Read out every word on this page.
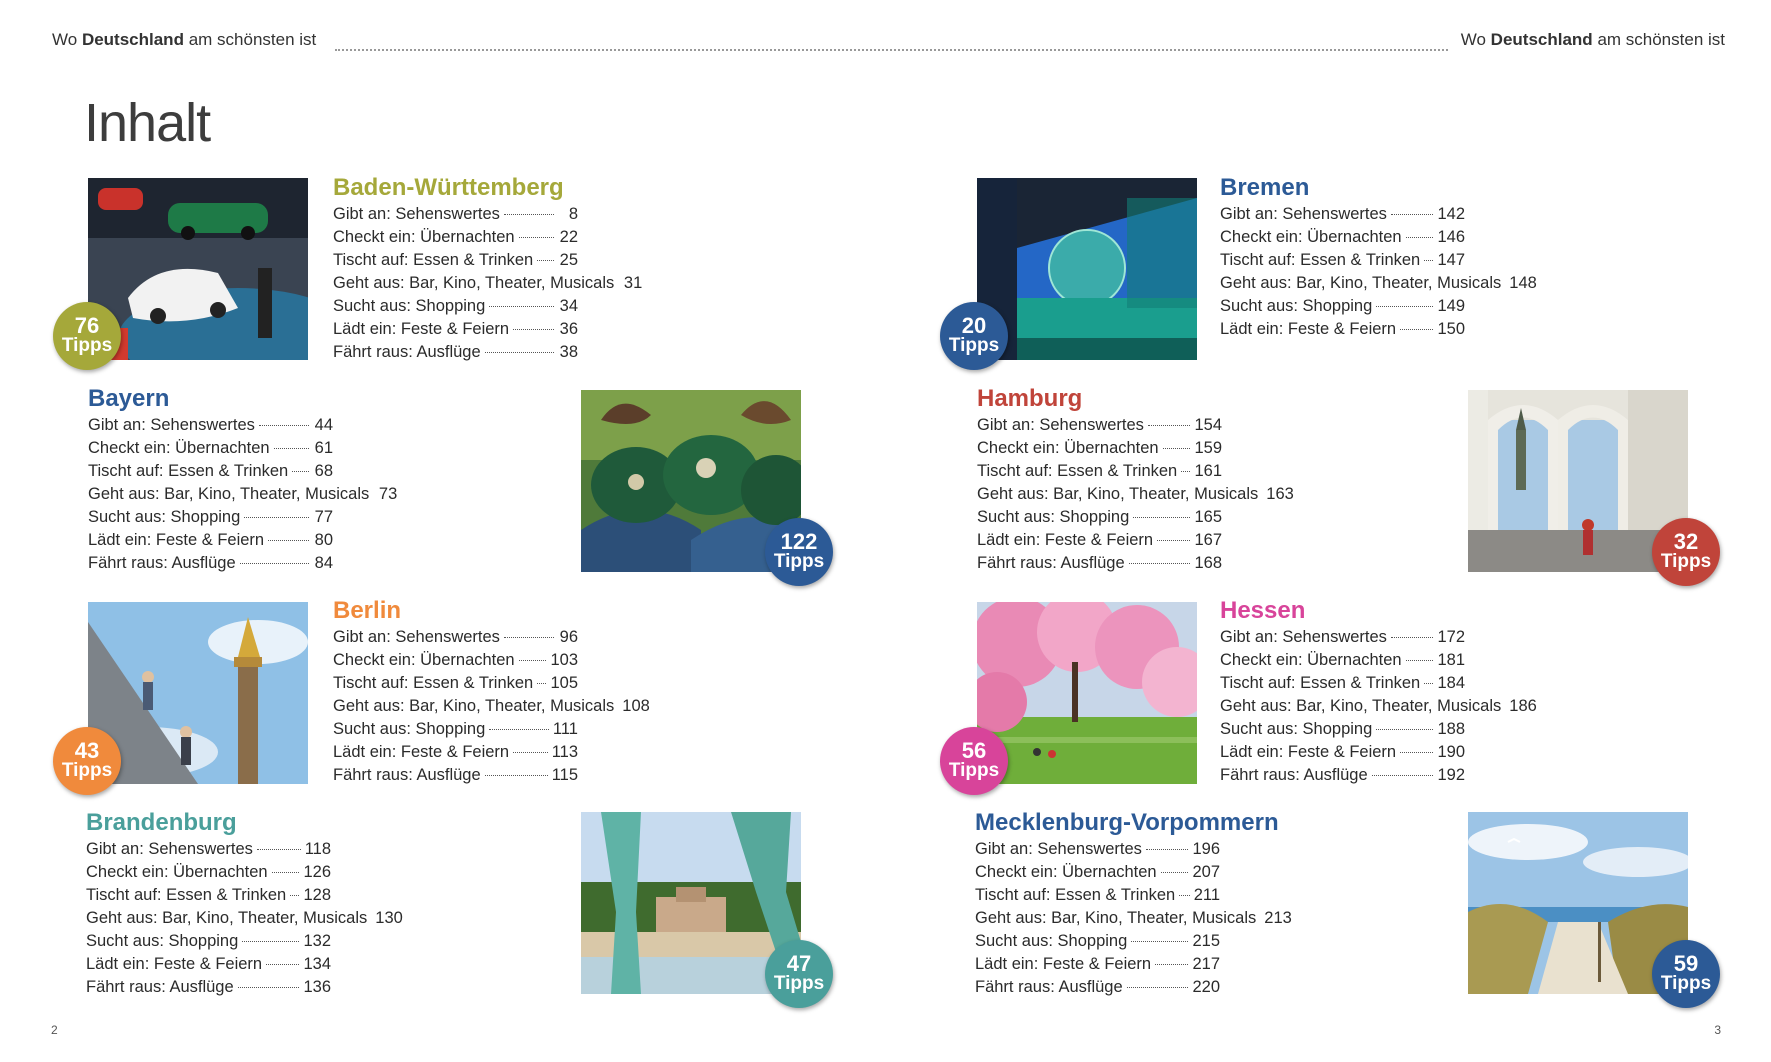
Wo Deutschland am schönsten ist	Wo Deutschland am schönsten ist
Inhalt
76
Tipps
Baden-Württemberg
Gibt an: Sehenswertes	8
Checkt ein: Übernachten	22
Tischt auf: Essen & Trinken 25
Geht aus: Bar, Kino, Theater, Musicals 31
Sucht aus: Shopping	34
Lädt ein: Feste & Feiern	36
Fährt raus: Ausflüge	38
Bayern
Gibt an: Sehenswertes	44
Checkt ein: Übernachten	61
Tischt auf: Essen & Trinken 68
Geht aus: Bar, Kino, Theater, Musicals 73
Sucht aus: Shopping	77
Lädt ein: Feste & Feiern	80
Fährt raus: Ausflüge	84
122
Tipps
43
Tipps
Berlin
Gibt an: Sehenswertes	96
Checkt ein: Übernachten 103
Tischt auf: Essen & Trinken 105
Geht aus: Bar, Kino, Theater, Musicals 108
Sucht aus: Shopping	111
Lädt ein: Feste & Feiern	113
Fährt raus: Ausflüge	115
Brandenburg
Gibt an: Sehenswertes	118
Checkt ein: Übernachten 126
Tischt auf: Essen & Trinken 128
Geht aus: Bar, Kino, Theater, Musicals 130
Sucht aus: Shopping	132
Lädt ein: Feste & Feiern	134
Fährt raus: Ausflüge	136
47
Tipps
20
Tipps
Bremen
Gibt an: Sehenswertes	142
Checkt ein: Übernachten 146
Tischt auf: Essen & Trinken 147
Geht aus: Bar, Kino, Theater, Musicals 148
Sucht aus: Shopping	149
Lädt ein: Feste & Feiern	150
Hamburg
Gibt an: Sehenswertes	154
Checkt ein: Übernachten 159
Tischt auf: Essen & Trinken 161
Geht aus: Bar, Kino, Theater, Musicals 163
Sucht aus: Shopping	165
Lädt ein: Feste & Feiern	167
Fährt raus: Ausflüge	168
32
Tipps
56
Tipps
Hessen
Gibt an: Sehenswertes	172
Checkt ein: Übernachten 181
Tischt auf: Essen & Trinken 184
Geht aus: Bar, Kino, Theater, Musicals 186
Sucht aus: Shopping	188
Lädt ein: Feste & Feiern	190
Fährt raus: Ausflüge	192
Mecklenburg-Vorpommern
Gibt an: Sehenswertes	196
Checkt ein: Übernachten 207
Tischt auf: Essen & Trinken 211
Geht aus: Bar, Kino, Theater, Musicals 213
Sucht aus: Shopping	215
Lädt ein: Feste & Feiern	217
Fährt raus: Ausflüge	220
59
Tipps
2	3
